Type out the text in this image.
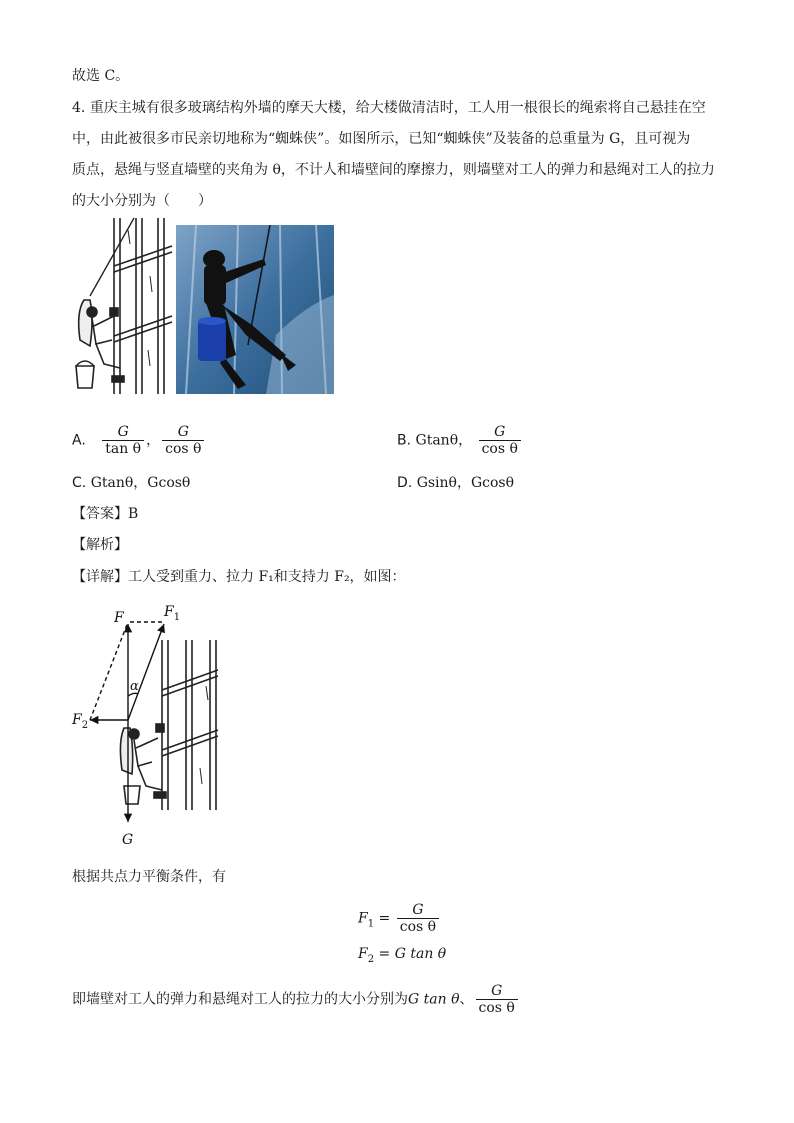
故选 C。
4. 重庆主城有很多玻璃结构外墙的摩天大楼，给大楼做清洁时，工人用一根很长的绳索将自己悬挂在空
中，由此被很多市民亲切地称为“蜘蛛侠”。如图所示，已知“蜘蛛侠”及装备的总重量为 G，且可视为
质点，悬绳与竖直墙壁的夹角为 θ，不计人和墙壁间的摩擦力，则墙壁对工人的弹力和悬绳对工人的拉力
的大小分别为（　　）
A. $\frac{G}{\text{tan θ}}$ ， $\frac{G}{\text{cos θ}}$	B. Gtanθ， $\frac{G}{\text{cos θ}}$
C. Gtanθ，Gcosθ	D. Gsinθ，Gcosθ
【答案】B
【解析】
【详解】工人受到重力、拉力 F₁和支持力 F₂，如图：
F	$F_1$
$F_2$
α
G
根据共点力平衡条件，有
$F_1 = \frac{G}{\text{cos θ}}$
$F_2 = G$ tan θ
即墙壁对工人的弹力和悬绳对工人的拉力的大小分别为G tan θ、 $\frac{G}{\text{cos θ}}$
